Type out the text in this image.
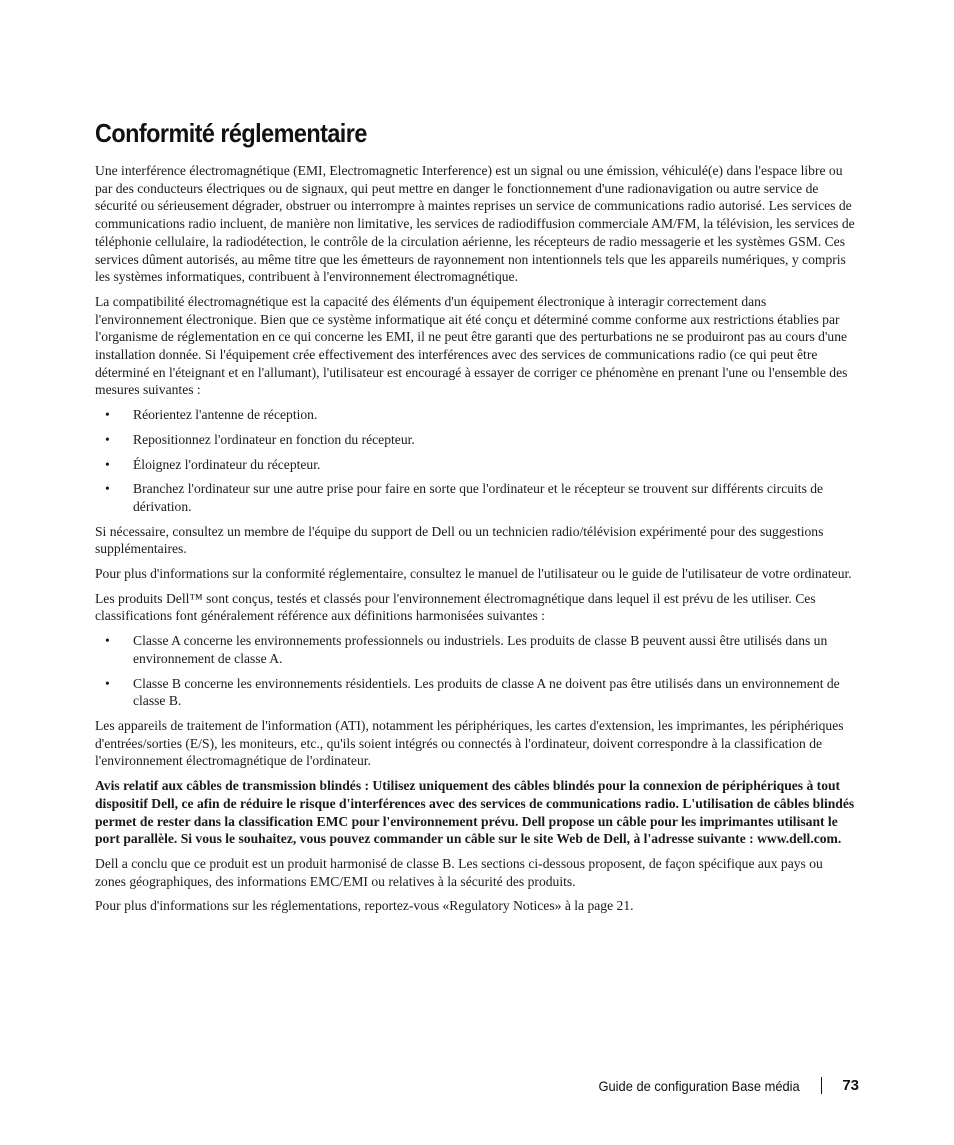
Conformité réglementaire

Une interférence électromagnétique (EMI, Electromagnetic Interference) est un signal ou une émission, véhiculé(e) dans l'espace libre ou par des conducteurs électriques ou de signaux, qui peut mettre en danger le fonctionnement d'une radionavigation ou autre service de sécurité ou sérieusement dégrader, obstruer ou interrompre à maintes reprises un service de communications radio autorisé. Les services de communications radio incluent, de manière non limitative, les services de radiodiffusion commerciale AM/FM, la télévision, les services de téléphonie cellulaire, la radiodétection, le contrôle de la circulation aérienne, les récepteurs de radio messagerie et les systèmes GSM. Ces services dûment autorisés, au même titre que les émetteurs de rayonnement non intentionnels tels que les appareils numériques, y compris les systèmes informatiques, contribuent à l'environnement électromagnétique.

La compatibilité électromagnétique est la capacité des éléments d'un équipement électronique à interagir correctement dans l'environnement électronique. Bien que ce système informatique ait été conçu et déterminé comme conforme aux restrictions établies par l'organisme de réglementation en ce qui concerne les EMI, il ne peut être garanti que des perturbations ne se produiront pas au cours d'une installation donnée. Si l'équipement crée effectivement des interférences avec des services de communications radio (ce qui peut être déterminé en l'éteignant et en l'allumant), l'utilisateur est encouragé à essayer de corriger ce phénomène en prenant l'une ou l'ensemble des mesures suivantes :

• Réorientez l'antenne de réception.
• Repositionnez l'ordinateur en fonction du récepteur.
• Éloignez l'ordinateur du récepteur.
• Branchez l'ordinateur sur une autre prise pour faire en sorte que l'ordinateur et le récepteur se trouvent sur différents circuits de dérivation.

Si nécessaire, consultez un membre de l'équipe du support de Dell ou un technicien radio/télévision expérimenté pour des suggestions supplémentaires.

Pour plus d'informations sur la conformité réglementaire, consultez le manuel de l'utilisateur ou le guide de l'utilisateur de votre ordinateur.

Les produits Dell™ sont conçus, testés et classés pour l'environnement électromagnétique dans lequel il est prévu de les utiliser. Ces classifications font généralement référence aux définitions harmonisées suivantes :

• Classe A concerne les environnements professionnels ou industriels. Les produits de classe B peuvent aussi être utilisés dans un environnement de classe A.
• Classe B concerne les environnements résidentiels. Les produits de classe A ne doivent pas être utilisés dans un environnement de classe B.

Les appareils de traitement de l'information (ATI), notamment les périphériques, les cartes d'extension, les imprimantes, les périphériques d'entrées/sorties (E/S), les moniteurs, etc., qu'ils soient intégrés ou connectés à l'ordinateur, doivent correspondre à la classification de l'environnement électromagnétique de l'ordinateur.

Avis relatif aux câbles de transmission blindés : Utilisez uniquement des câbles blindés pour la connexion de périphériques à tout dispositif Dell, ce afin de réduire le risque d'interférences avec des services de communications radio. L'utilisation de câbles blindés permet de rester dans la classification EMC pour l'environnement prévu. Dell propose un câble pour les imprimantes utilisant le port parallèle. Si vous le souhaitez, vous pouvez commander un câble sur le site Web de Dell, à l'adresse suivante : www.dell.com.

Dell a conclu que ce produit est un produit harmonisé de classe B. Les sections ci-dessous proposent, de façon spécifique aux pays ou zones géographiques, des informations EMC/EMI ou relatives à la sécurité des produits.

Pour plus d'informations sur les réglementations, reportez-vous «Regulatory Notices» à la page 21.

Guide de configuration Base média	73
